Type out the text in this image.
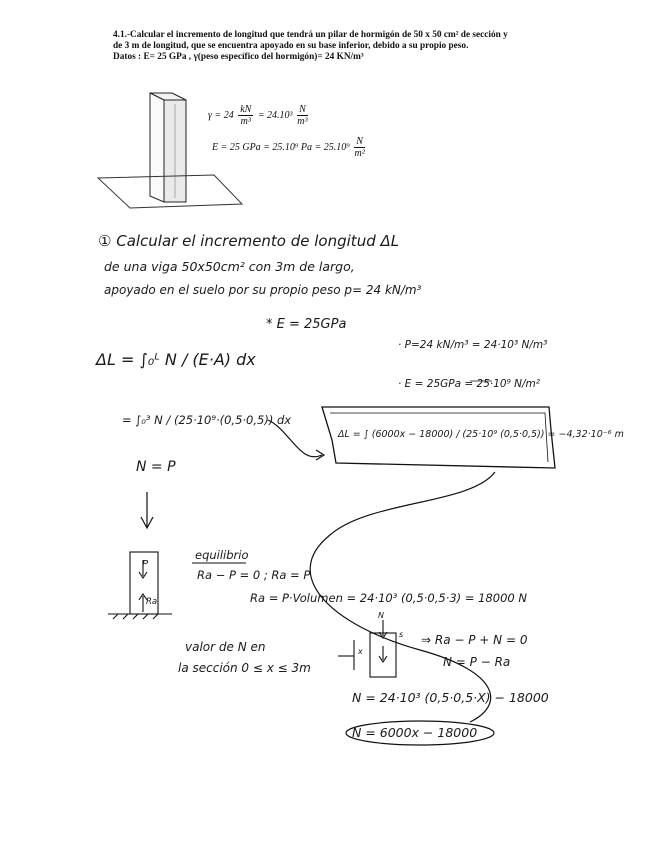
4.1.-Calcular el incremento de longitud que tendrá un pilar de hormigón de 50 x 50 cm² de sección y de 3 m de longitud, que se encuentra apoyado en su base inferior, debido a su propio peso.

Datos : E= 25 GPa , γ(peso específico del hormigón)= 24 KN/m³

$\gamma = 24 \frac{kN}{\text{m³}} = 24.10^3 \frac{N}{\text{m³}}$
E = 25 GPa = 25.10⁹ $Pa = 25.10^9 \frac{N}{\text{m²}}$
① Calcular el incremento de longitud ΔL
de una viga 50x50cm² con 3m de largo,
apoyado en el suelo por su propio peso p= 24 kN/m³
* E = 25GPa
ΔL = ∫₀ᴸ N / (E·A) dx
· P=24 kN/m³ = 24·10³ N/m³
· E = 25GPa = 25·10⁹ N/m²
= ∫₀³ N / (25·10⁹·(0,5·0,5)) dx
ΔL = ∫ (6000x − 18000) / (25·10⁹ (0,5·0,5)) = −4,32·10⁻⁶ m
N = P
P
Ra
equilibrio
Ra − P = 0 ; Ra = P
Ra = P·Volumen = 24·10³ (0,5·0,5·3) = 18000 N
valor de N en
la sección 0 ≤ x ≤ 3m
N
x
s ⇒ Ra − P + N = 0
N = P − Ra
N = 24·10³ (0,5·0,5·X) − 18000
N = 6000x − 18000
